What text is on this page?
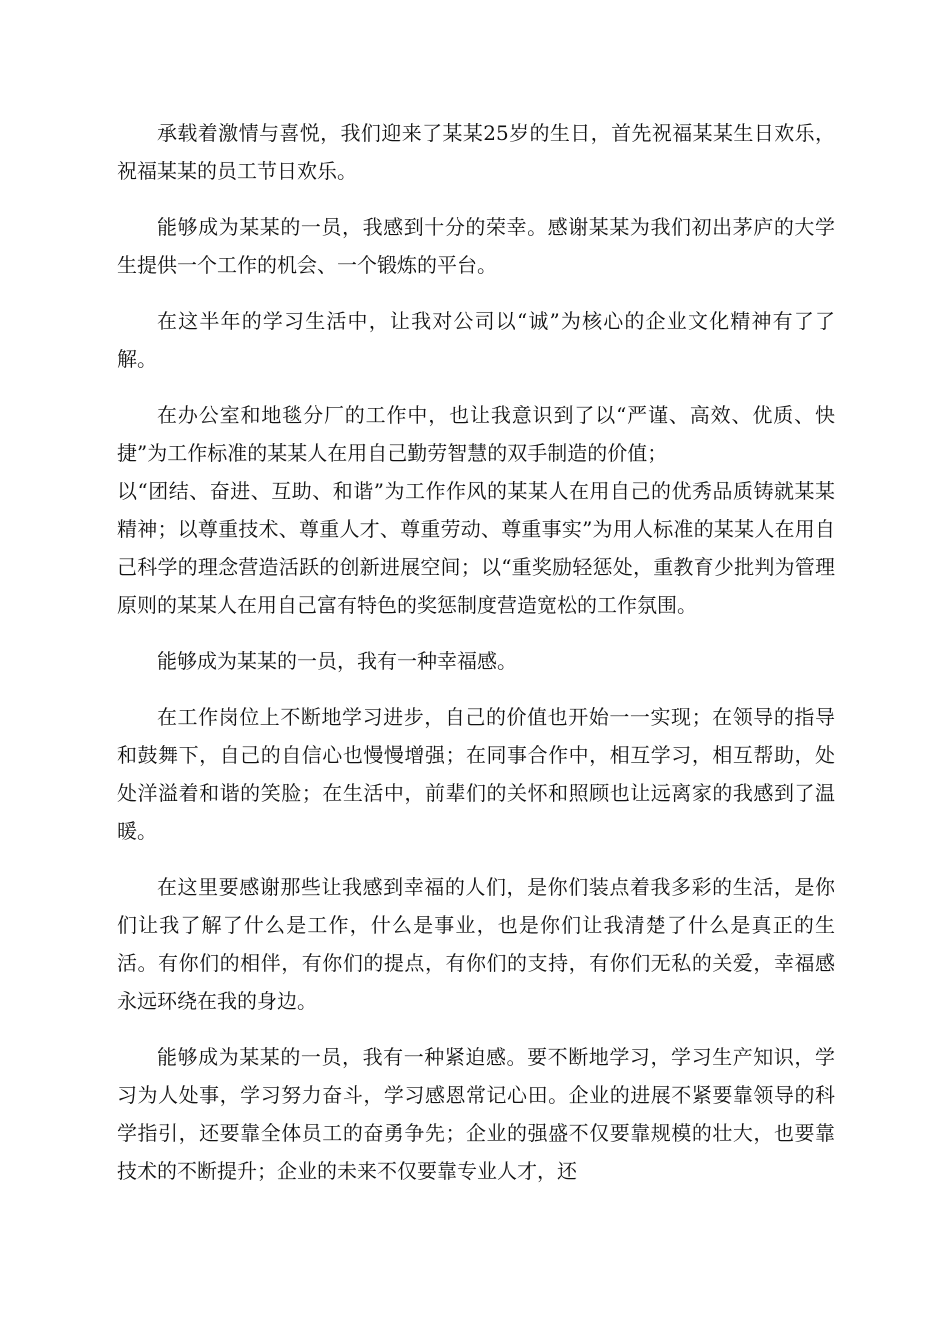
承载着激情与喜悦，我们迎来了某某25岁的生日，首先祝福某某生日欢乐，祝福某某的员工节日欢乐。

能够成为某某的一员，我感到十分的荣幸。感谢某某为我们初出茅庐的大学生提供一个工作的机会、一个锻炼的平台。

在这半年的学习生活中，让我对公司以“诚”为核心的企业文化精神有了了解。

在办公室和地毯分厂的工作中，也让我意识到了以“严谨、高效、优质、快捷”为工作标准的某某人在用自己勤劳智慧的双手制造的价值；

以“团结、奋进、互助、和谐”为工作作风的某某人在用自己的优秀品质铸就某某精神；以尊重技术、尊重人才、尊重劳动、尊重事实”为用人标准的某某人在用自己科学的理念营造活跃的创新进展空间；以“重奖励轻惩处，重教育少批判为管理原则的某某人在用自己富有特色的奖惩制度营造宽松的工作氛围。

能够成为某某的一员，我有一种幸福感。

在工作岗位上不断地学习进步，自己的价值也开始一一实现；在领导的指导和鼓舞下，自己的自信心也慢慢增强；在同事合作中，相互学习，相互帮助，处处洋溢着和谐的笑脸；在生活中，前辈们的关怀和照顾也让远离家的我感到了温暖。

在这里要感谢那些让我感到幸福的人们，是你们装点着我多彩的生活，是你们让我了解了什么是工作，什么是事业，也是你们让我清楚了什么是真正的生活。有你们的相伴，有你们的提点，有你们的支持，有你们无私的关爱，幸福感永远环绕在我的身边。

能够成为某某的一员，我有一种紧迫感。要不断地学习，学习生产知识，学习为人处事，学习努力奋斗，学习感恩常记心田。企业的进展不紧要靠领导的科学指引，还要靠全体员工的奋勇争先；企业的强盛不仅要靠规模的壮大，也要靠技术的不断提升；企业的未来不仅要靠专业人才，还
